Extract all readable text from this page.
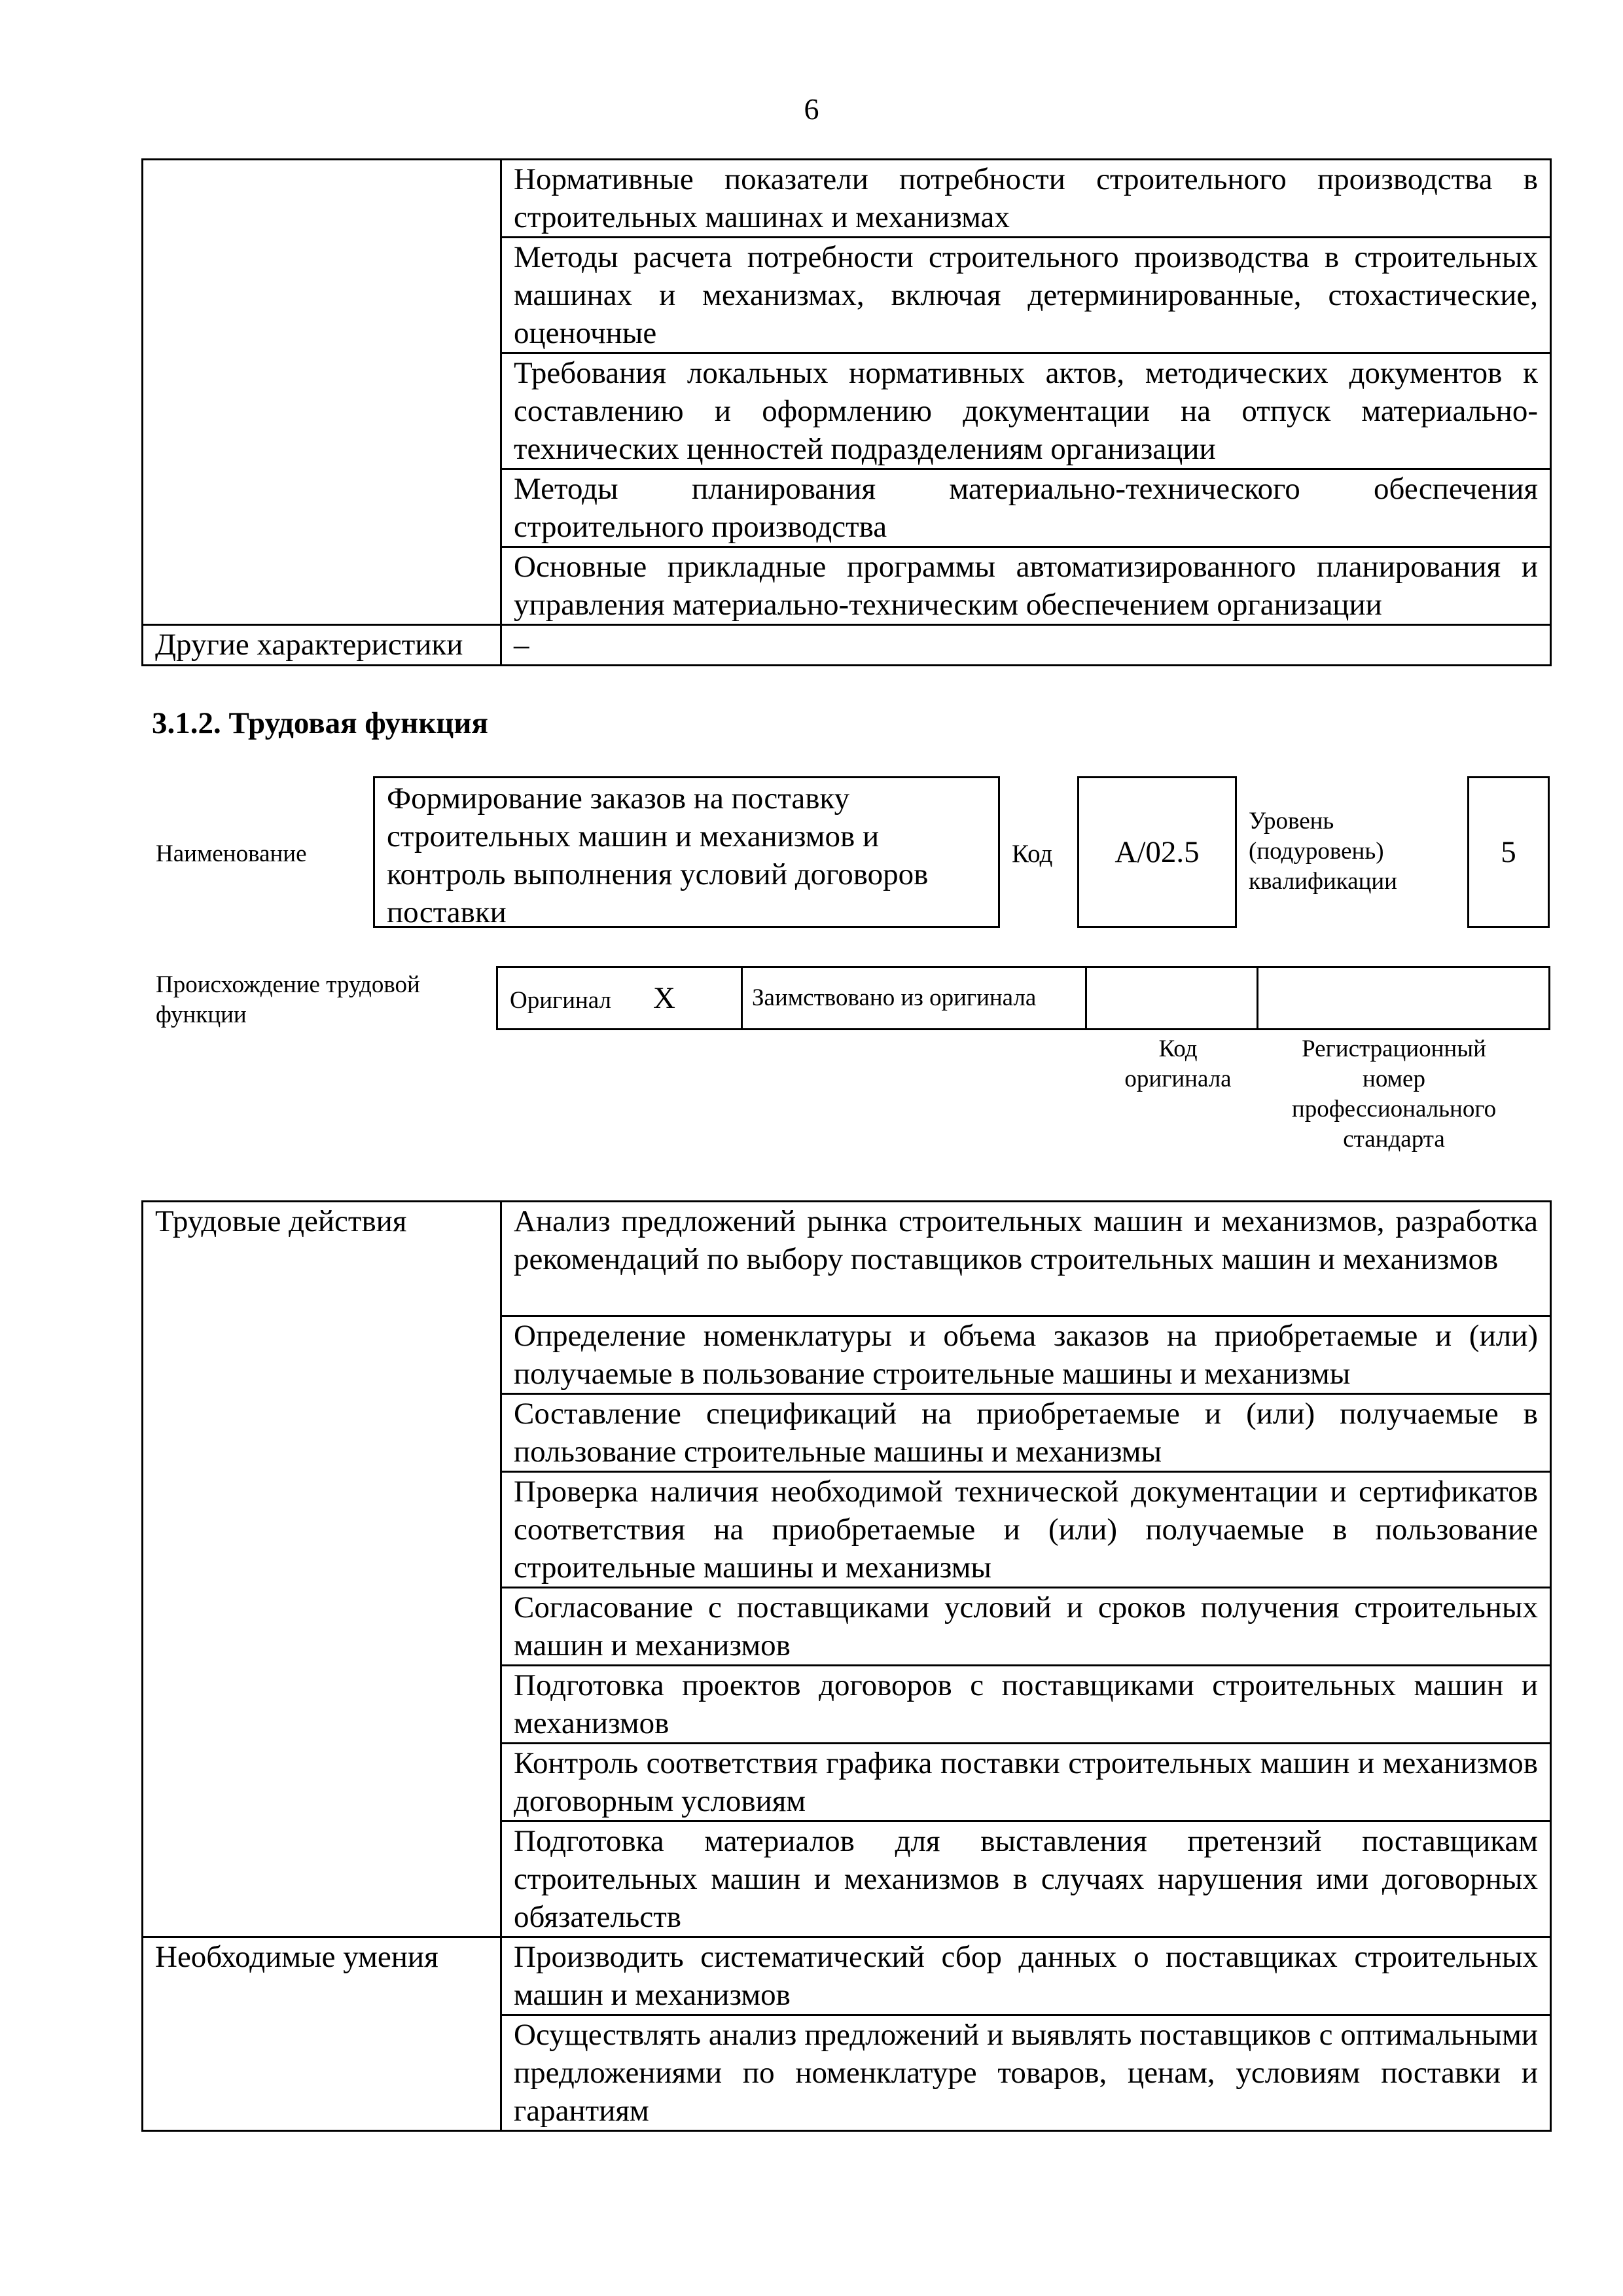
6
	Нормативные показатели потребности строительного производства в строительных машинах и механизмах
	Методы расчета потребности строительного производства в строительных машинах и механизмах, включая детерминированные, стохастические, оценочные
	Требования локальных нормативных актов, методических документов к составлению и оформлению документации на отпуск материально-технических ценностей подразделениям организации
	Методы планирования материально-технического обеспечения строительного производства
	Основные прикладные программы автоматизированного планирования и управления материально-техническим обеспечением организации
Другие характеристики	–
3.1.2. Трудовая функция
Наименование
Формирование заказов на поставку строительных машин и механизмов и контроль выполнения условий договоров поставки
Код	А/02.5
Уровень (подуровень) квалификации
5
Происхождение трудовой функции
Оригинал X	Заимствовано из оригинала		
Код оригинала
Регистрационный номер профессионального стандарта
Трудовые действия	Анализ предложений рынка строительных машин и механизмов, разработка рекомендаций по выбору поставщиков строительных машин и механизмов
	Определение номенклатуры и объема заказов на приобретаемые и (или) получаемые в пользование строительные машины и механизмы
	Составление спецификаций на приобретаемые и (или) получаемые в пользование строительные машины и механизмы
	Проверка наличия необходимой технической документации и сертификатов соответствия на приобретаемые и (или) получаемые в пользование строительные машины и механизмы
	Согласование с поставщиками условий и сроков получения строительных машин и механизмов
	Подготовка проектов договоров с поставщиками строительных машин и механизмов
	Контроль соответствия графика поставки строительных машин и механизмов договорным условиям
	Подготовка материалов для выставления претензий поставщикам строительных машин и механизмов в случаях нарушения ими договорных обязательств
Необходимые умения	Производить систематический сбор данных о поставщиках строительных машин и механизмов
	Осуществлять анализ предложений и выявлять поставщиков с оптимальными предложениями по номенклатуре товаров, ценам, условиям поставки и гарантиям
